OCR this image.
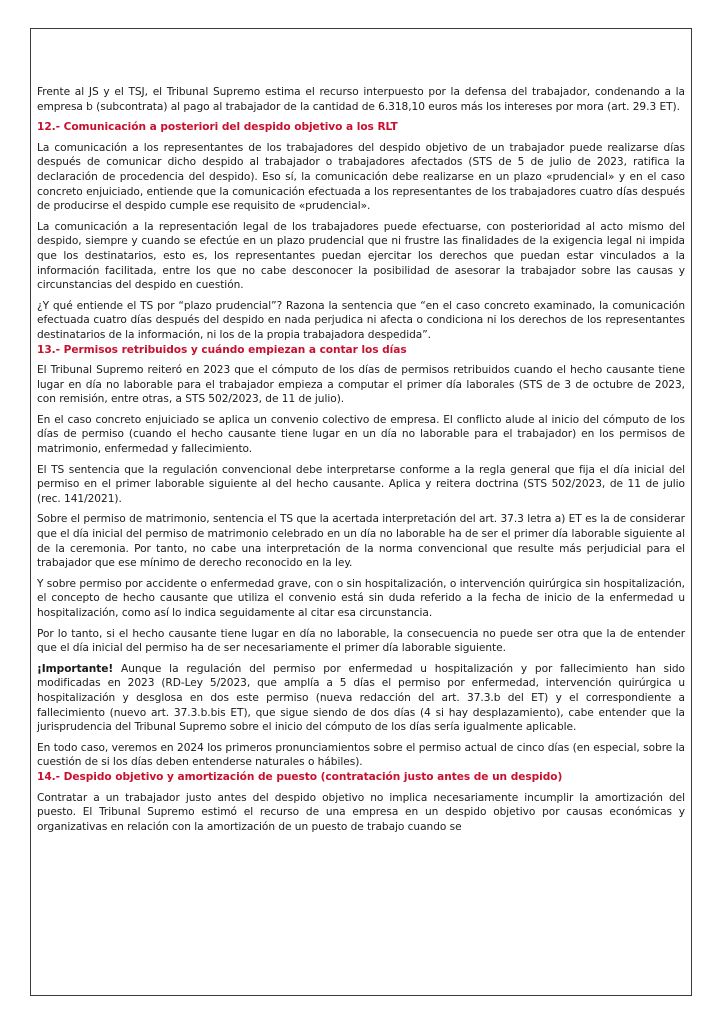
Frente al JS y el TSJ, el Tribunal Supremo estima el recurso interpuesto por la defensa del trabajador, condenando a la empresa b (subcontrata) al pago al trabajador de la cantidad de 6.318,10 euros más los intereses por mora (art. 29.3 ET).

12.- Comunicación a posteriori del despido objetivo a los RLT

La comunicación a los representantes de los trabajadores del despido objetivo de un trabajador puede realizarse días después de comunicar dicho despido al trabajador o trabajadores afectados (STS de 5 de julio de 2023, ratifica la declaración de procedencia del despido). Eso sí, la comunicación debe realizarse en un plazo «prudencial» y en el caso concreto enjuiciado, entiende que la comunicación efectuada a los representantes de los trabajadores cuatro días después de producirse el despido cumple ese requisito de «prudencial».

La comunicación a la representación legal de los trabajadores puede efectuarse, con posterioridad al acto mismo del despido, siempre y cuando se efectúe en un plazo prudencial que ni frustre las finalidades de la exigencia legal ni impida que los destinatarios, esto es, los representantes puedan ejercitar los derechos que puedan estar vinculados a la información facilitada, entre los que no cabe desconocer la posibilidad de asesorar la trabajador sobre las causas y circunstancias del despido en cuestión.

¿Y qué entiende el TS por “plazo prudencial”? Razona la sentencia que “en el caso concreto examinado, la comunicación efectuada cuatro días después del despido en nada perjudica ni afecta o condiciona ni los derechos de los representantes destinatarios de la información, ni los de la propia trabajadora despedida”.

13.- Permisos retribuidos y cuándo empiezan a contar los días

El Tribunal Supremo reiteró en 2023 que el cómputo de los días de permisos retribuidos cuando el hecho causante tiene lugar en día no laborable para el trabajador empieza a computar el primer día laborales (STS de 3 de octubre de 2023, con remisión, entre otras, a STS 502/2023, de 11 de julio).

En el caso concreto enjuiciado se aplica un convenio colectivo de empresa. El conflicto alude al inicio del cómputo de los días de permiso (cuando el hecho causante tiene lugar en un día no laborable para el trabajador) en los permisos de matrimonio, enfermedad y fallecimiento.

El TS sentencia que la regulación convencional debe interpretarse conforme a la regla general que fija el día inicial del permiso en el primer laborable siguiente al del hecho causante. Aplica y reitera doctrina (STS 502/2023, de 11 de julio (rec. 141/2021).

Sobre el permiso de matrimonio, sentencia el TS que la acertada interpretación del art. 37.3 letra a) ET es la de considerar que el día inicial del permiso de matrimonio celebrado en un día no laborable ha de ser el primer día laborable siguiente al de la ceremonia. Por tanto, no cabe una interpretación de la norma convencional que resulte más perjudicial para el trabajador que ese mínimo de derecho reconocido en la ley.

Y sobre permiso por accidente o enfermedad grave, con o sin hospitalización, o intervención quirúrgica sin hospitalización, el concepto de hecho causante que utiliza el convenio está sin duda referido a la fecha de inicio de la enfermedad u hospitalización, como así lo indica seguidamente al citar esa circunstancia.

Por lo tanto, si el hecho causante tiene lugar en día no laborable, la consecuencia no puede ser otra que la de entender que el día inicial del permiso ha de ser necesariamente el primer día laborable siguiente.

¡Importante! Aunque la regulación del permiso por enfermedad u hospitalización y por fallecimiento han sido modificadas en 2023 (RD-Ley 5/2023, que amplía a 5 días el permiso por enfermedad, intervención quirúrgica u hospitalización y desglosa en dos este permiso (nueva redacción del art. 37.3.b del ET) y el correspondiente a fallecimiento (nuevo art. 37.3.b.bis ET), que sigue siendo de dos días (4 si hay desplazamiento), cabe entender que la jurisprudencia del Tribunal Supremo sobre el inicio del cómputo de los días sería igualmente aplicable.

En todo caso, veremos en 2024 los primeros pronunciamientos sobre el permiso actual de cinco días (en especial, sobre la cuestión de si los días deben entenderse naturales o hábiles).

14.- Despido objetivo y amortización de puesto (contratación justo antes de un despido)

Contratar a un trabajador justo antes del despido objetivo no implica necesariamente incumplir la amortización del puesto. El Tribunal Supremo estimó el recurso de una empresa en un despido objetivo por causas económicas y organizativas en relación con la amortización de un puesto de trabajo cuando se
